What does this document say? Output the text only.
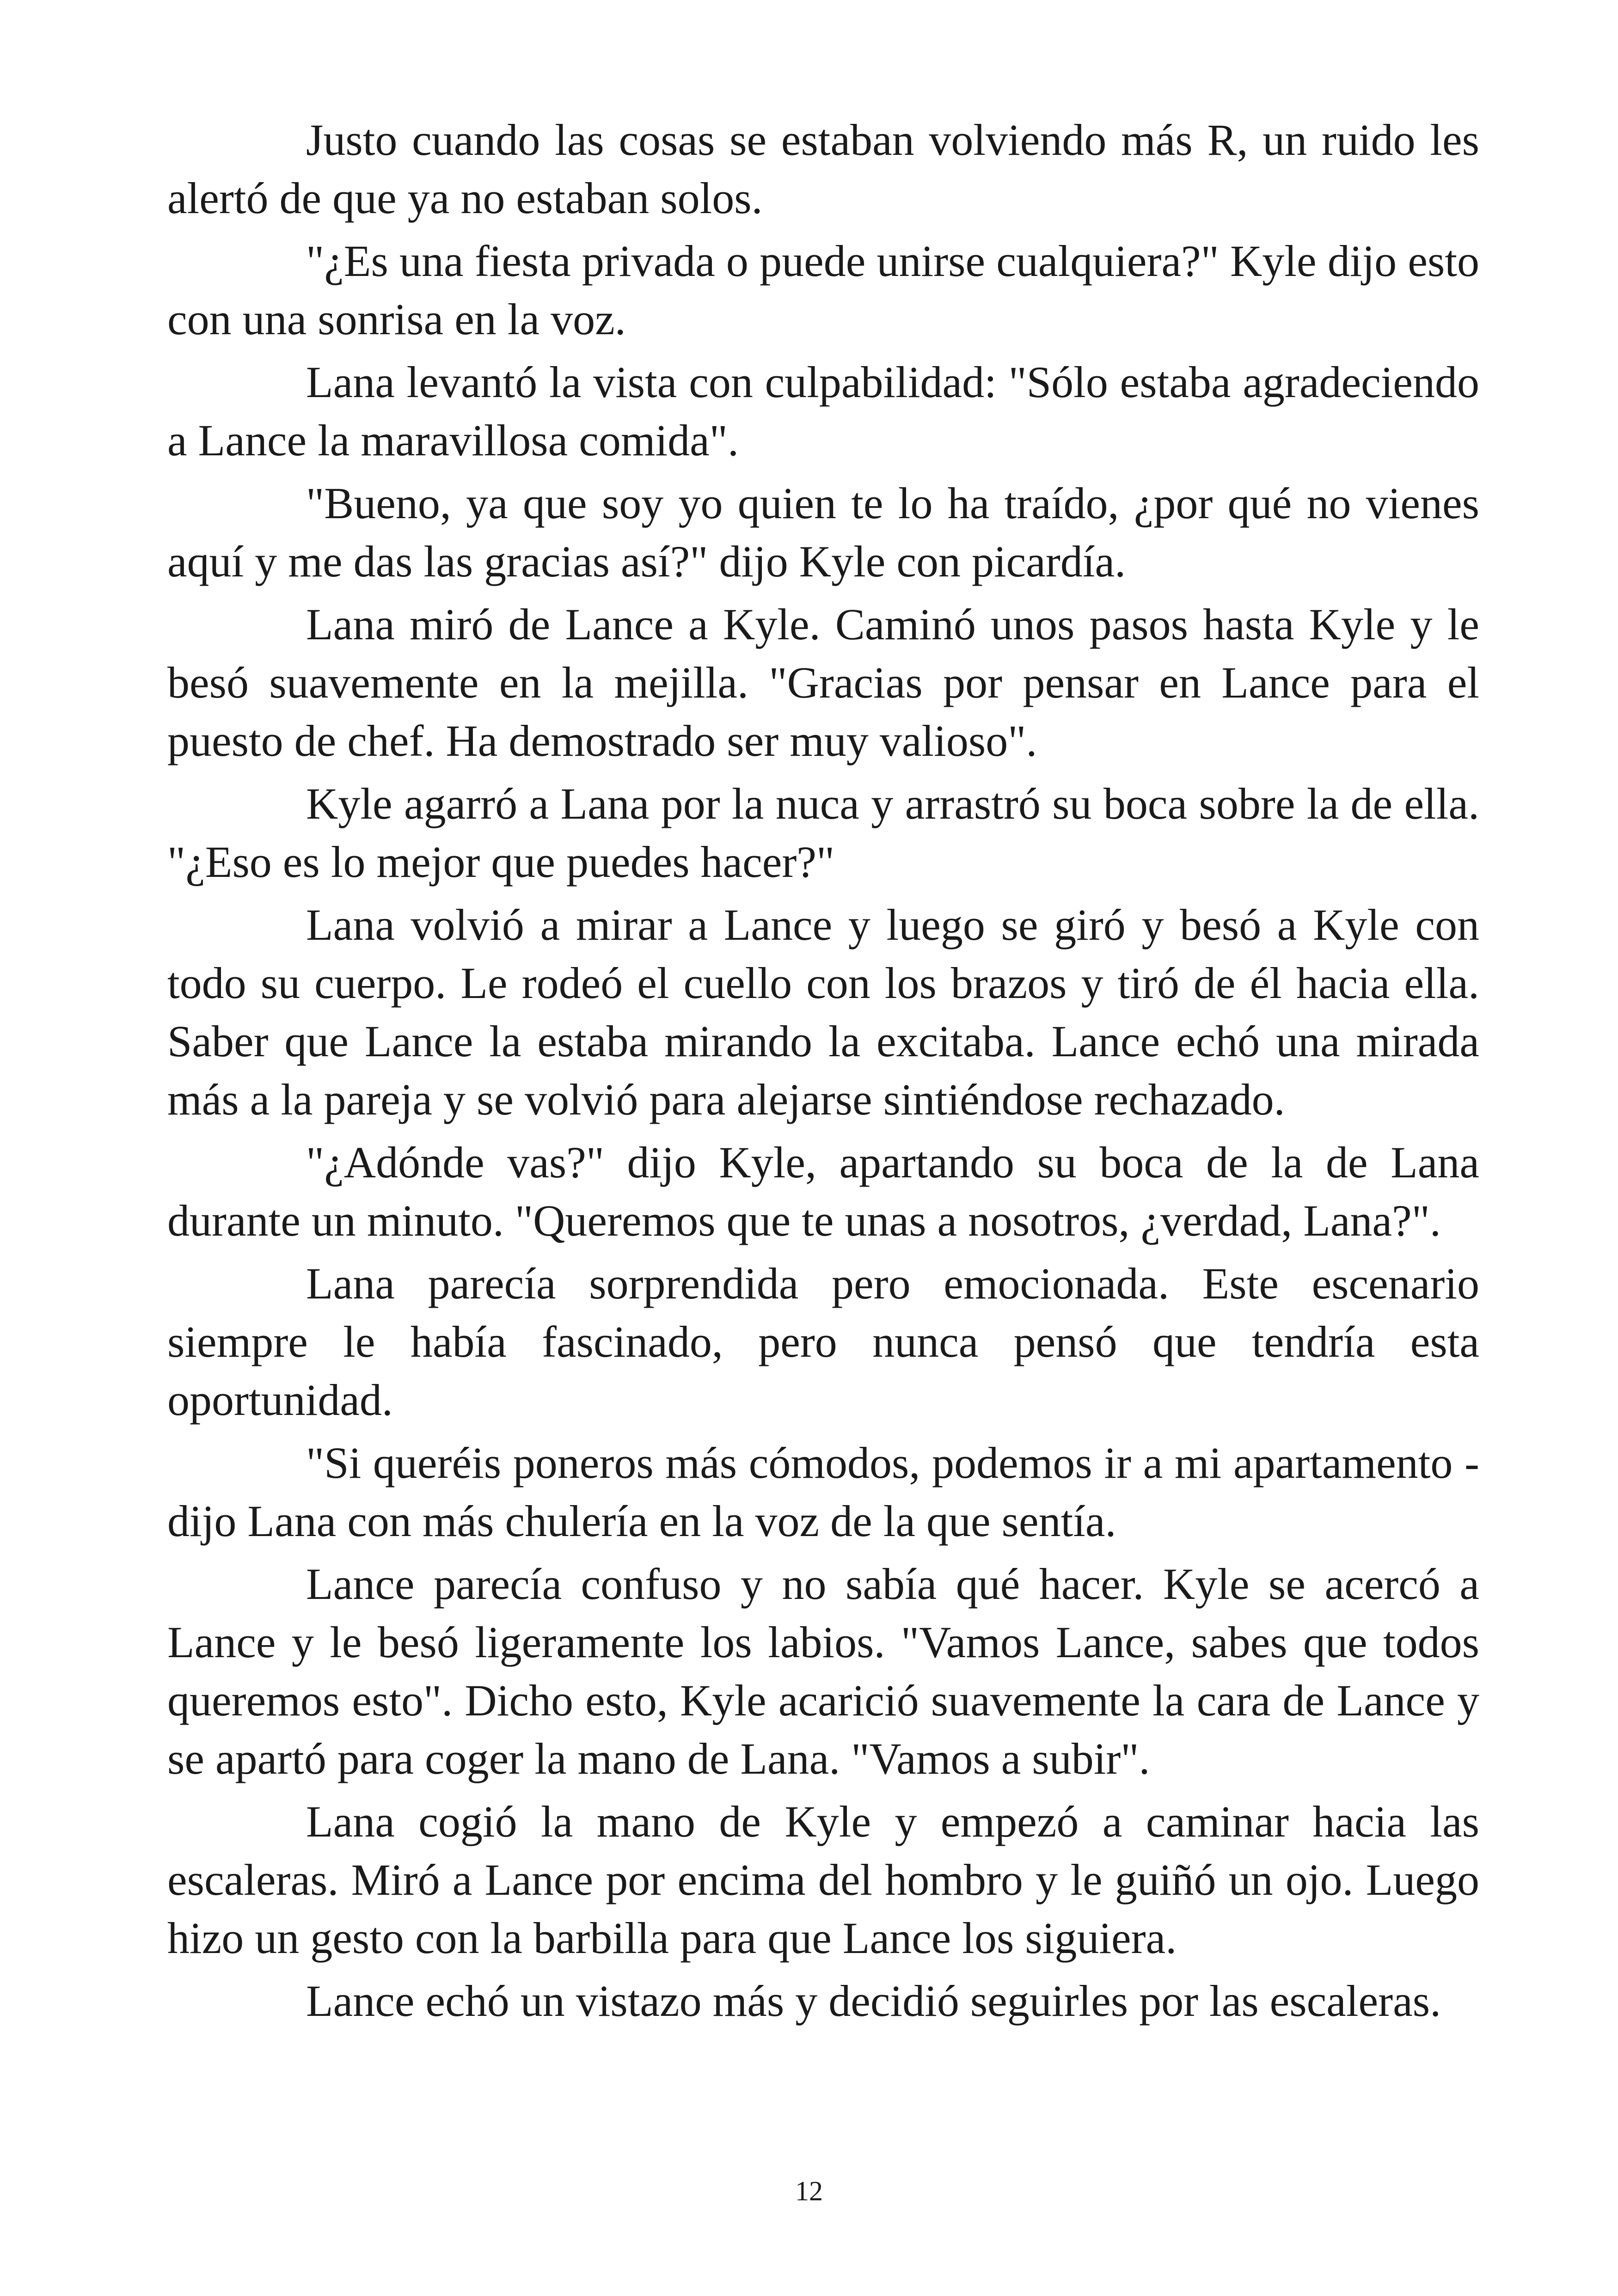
Justo cuando las cosas se estaban volviendo más R, un ruido les alertó de que ya no estaban solos.

"¿Es una fiesta privada o puede unirse cualquiera?" Kyle dijo esto con una sonrisa en la voz.

Lana levantó la vista con culpabilidad: "Sólo estaba agradeciendo a Lance la maravillosa comida".

"Bueno, ya que soy yo quien te lo ha traído, ¿por qué no vienes aquí y me das las gracias así?" dijo Kyle con picardía.

Lana miró de Lance a Kyle. Caminó unos pasos hasta Kyle y le besó suavemente en la mejilla. "Gracias por pensar en Lance para el puesto de chef. Ha demostrado ser muy valioso".

Kyle agarró a Lana por la nuca y arrastró su boca sobre la de ella. "¿Eso es lo mejor que puedes hacer?"

Lana volvió a mirar a Lance y luego se giró y besó a Kyle con todo su cuerpo. Le rodeó el cuello con los brazos y tiró de él hacia ella. Saber que Lance la estaba mirando la excitaba. Lance echó una mirada más a la pareja y se volvió para alejarse sintiéndose rechazado.

"¿Adónde vas?" dijo Kyle, apartando su boca de la de Lana durante un minuto. "Queremos que te unas a nosotros, ¿verdad, Lana?".

Lana parecía sorprendida pero emocionada. Este escenario siempre le había fascinado, pero nunca pensó que tendría esta oportunidad.

"Si queréis poneros más cómodos, podemos ir a mi apartamento - dijo Lana con más chulería en la voz de la que sentía.

Lance parecía confuso y no sabía qué hacer. Kyle se acercó a Lance y le besó ligeramente los labios. "Vamos Lance, sabes que todos queremos esto". Dicho esto, Kyle acarició suavemente la cara de Lance y se apartó para coger la mano de Lana. "Vamos a subir".

Lana cogió la mano de Kyle y empezó a caminar hacia las escaleras. Miró a Lance por encima del hombro y le guiñó un ojo. Luego hizo un gesto con la barbilla para que Lance los siguiera.

Lance echó un vistazo más y decidió seguirles por las escaleras.

12
